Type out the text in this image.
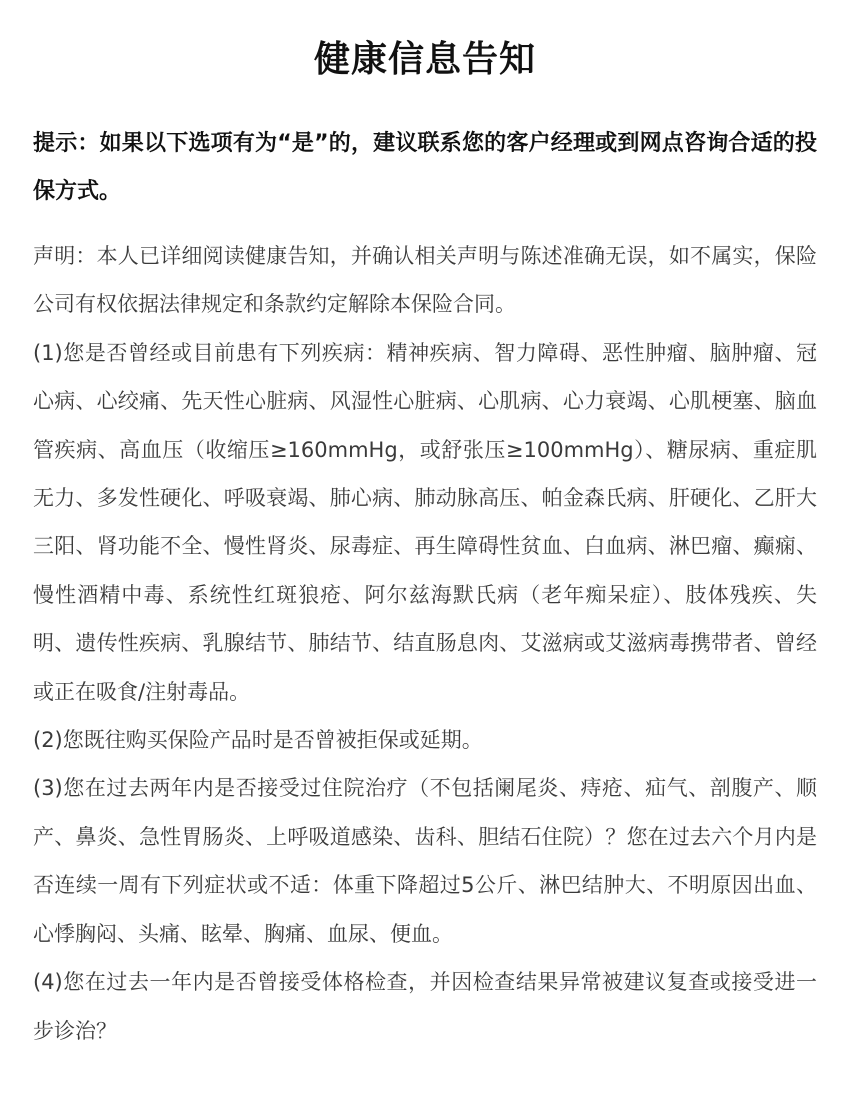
健康信息告知

提示：如果以下选项有为“是”的，建议联系您的客户经理或到网点咨询合适的投保方式。

声明：本人已详细阅读健康告知，并确认相关声明与陈述准确无误，如不属实，保险公司有权依据法律规定和条款约定解除本保险合同。

(1)您是否曾经或目前患有下列疾病：精神疾病、智力障碍、恶性肿瘤、脑肿瘤、冠心病、心绞痛、先天性心脏病、风湿性心脏病、心肌病、心力衰竭、心肌梗塞、脑血管疾病、高血压（收缩压≥160mmHg，或舒张压≥100mmHg）、糖尿病、重症肌无力、多发性硬化、呼吸衰竭、肺心病、肺动脉高压、帕金森氏病、肝硬化、乙肝大三阳、肾功能不全、慢性肾炎、尿毒症、再生障碍性贫血、白血病、淋巴瘤、癫痫、慢性酒精中毒、系统性红斑狼疮、阿尔兹海默氏病（老年痴呆症）、肢体残疾、失明、遗传性疾病、乳腺结节、肺结节、结直肠息肉、艾滋病或艾滋病毒携带者、曾经或正在吸食/注射毒品。

(2)您既往购买保险产品时是否曾被拒保或延期。

(3)您在过去两年内是否接受过住院治疗（不包括阑尾炎、痔疮、疝气、剖腹产、顺产、鼻炎、急性胃肠炎、上呼吸道感染、齿科、胆结石住院）？您在过去六个月内是否连续一周有下列症状或不适：体重下降超过5公斤、淋巴结肿大、不明原因出血、心悸胸闷、头痛、眩晕、胸痛、血尿、便血。

(4)您在过去一年内是否曾接受体格检查，并因检查结果异常被建议复查或接受进一步诊治？
